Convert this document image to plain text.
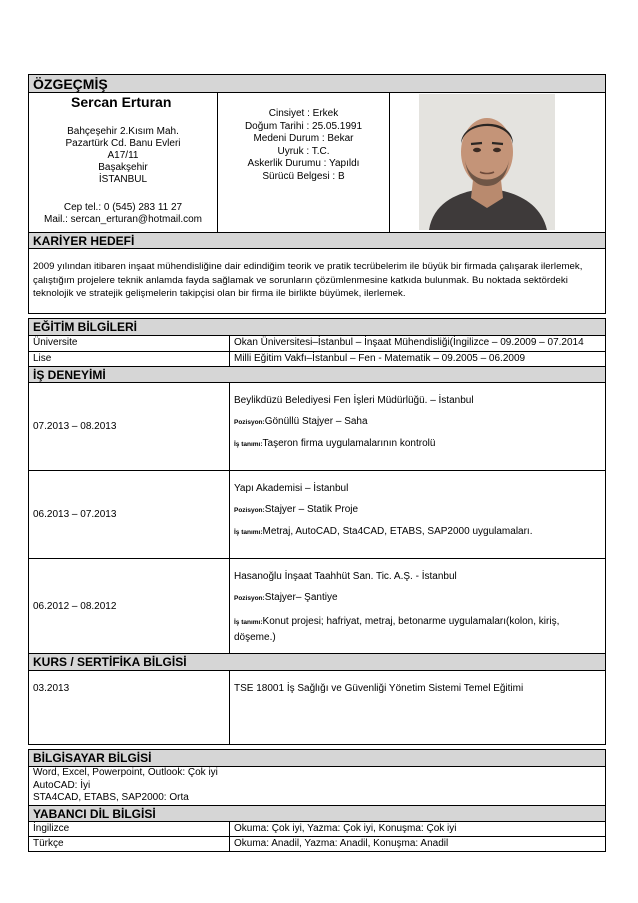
ÖZGEÇMİŞ
Sercan Erturan
Bahçeşehir 2.Kısım Mah.
Pazartürk Cd. Banu Evleri
A17/11
Başakşehir
İSTANBUL
Cep tel.: 0 (545) 283 11 27
Mail.: sercan_erturan@hotmail.com

Cinsiyet : Erkek
Doğum Tarihi : 25.05.1991
Medeni Durum : Bekar
Uyruk : T.C.
Askerlik Durumu : Yapıldı
Sürücü Belgesi : B

KARİYER HEDEFİ
2009 yılından itibaren inşaat mühendisliğine dair edindiğim teorik ve pratik tecrübelerim ile büyük bir firmada çalışarak ilerlemek, çalıştığım projelere teknik anlamda fayda sağlamak ve sorunların çözümlenmesine katkıda bulunmak. Bu noktada sektördeki teknolojik ve stratejik gelişmelerin takipçisi olan bir firma ile birlikte büyümek, ilerlemek.
EĞİTİM BİLGİLERİ
Üniversite	Okan Üniversitesi–İstanbul – İnşaat Mühendisliği(İngilizce – 09.2009 – 07.2014
Lise	Milli Eğitim Vakfı–İstanbul – Fen - Matematik – 09.2005 – 06.2009
İŞ DENEYİMİ
07.2013 – 08.2013	Beylikdüzü Belediyesi Fen İşleri Müdürlüğü. – İstanbul
Pozisyon:Gönüllü Stajyer – Saha
İş tanımı:Taşeron firma uygulamalarının kontrolü

06.2013 – 07.2013	Yapı Akademisi – İstanbul
Pozisyon:Stajyer – Statik Proje
İş tanımı:Metraj, AutoCAD, Sta4CAD, ETABS, SAP2000 uygulamaları.

06.2012 – 08.2012	Hasanoğlu İnşaat Taahhüt San. Tic. A.Ş. - İstanbul
Pozisyon:Stajyer– Şantiye
İş tanımı:Konut projesi; hafriyat, metraj, betonarme uygulamaları(kolon, kiriş, döşeme.)
KURS / SERTİFİKA BİLGİSİ
03.2013	TSE 18001 İş Sağlığı ve Güvenliği Yönetim Sistemi Temel Eğitimi
BİLGİSAYAR BİLGİSİ
Word, Excel, Powerpoint, Outlook: Çok iyi
AutoCAD: İyi
STA4CAD, ETABS, SAP2000: Orta
YABANCI DİL BİLGİSİ
İngilizce	Okuma: Çok iyi, Yazma: Çok iyi, Konuşma: Çok iyi
Türkçe	Okuma: Anadil, Yazma: Anadil, Konuşma: Anadil
